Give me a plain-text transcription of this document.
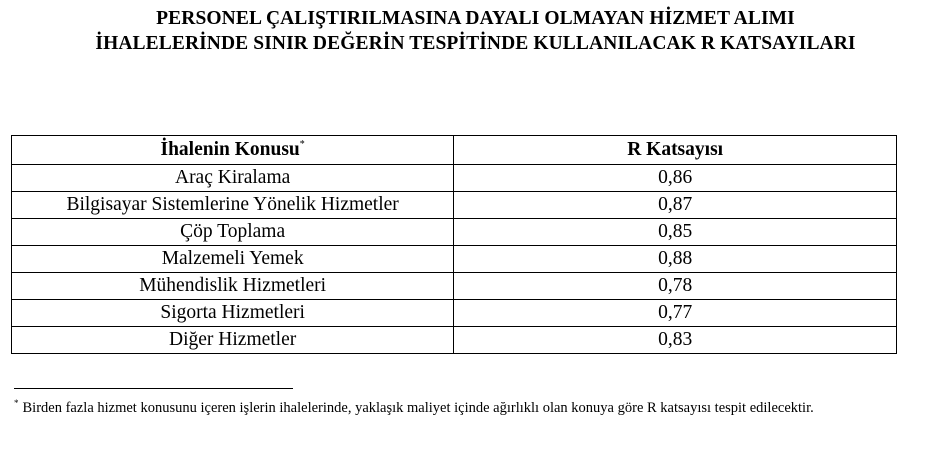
PERSONEL ÇALIŞTIRILMASINA DAYALI OLMAYAN HİZMET ALIMI
İHALELERİNDE SINIR DEĞERİN TESPİTİNDE KULLANILACAK R KATSAYILARI
İhalenin Konusu*	R Katsayısı
Araç Kiralama	0,86
Bilgisayar Sistemlerine Yönelik Hizmetler	0,87
Çöp Toplama	0,85
Malzemeli Yemek	0,88
Mühendislik Hizmetleri	0,78
Sigorta Hizmetleri	0,77
Diğer Hizmetler	0,83
* Birden fazla hizmet konusunu içeren işlerin ihalelerinde, yaklaşık maliyet içinde ağırlıklı olan konuya göre R katsayısı tespit edilecektir.
